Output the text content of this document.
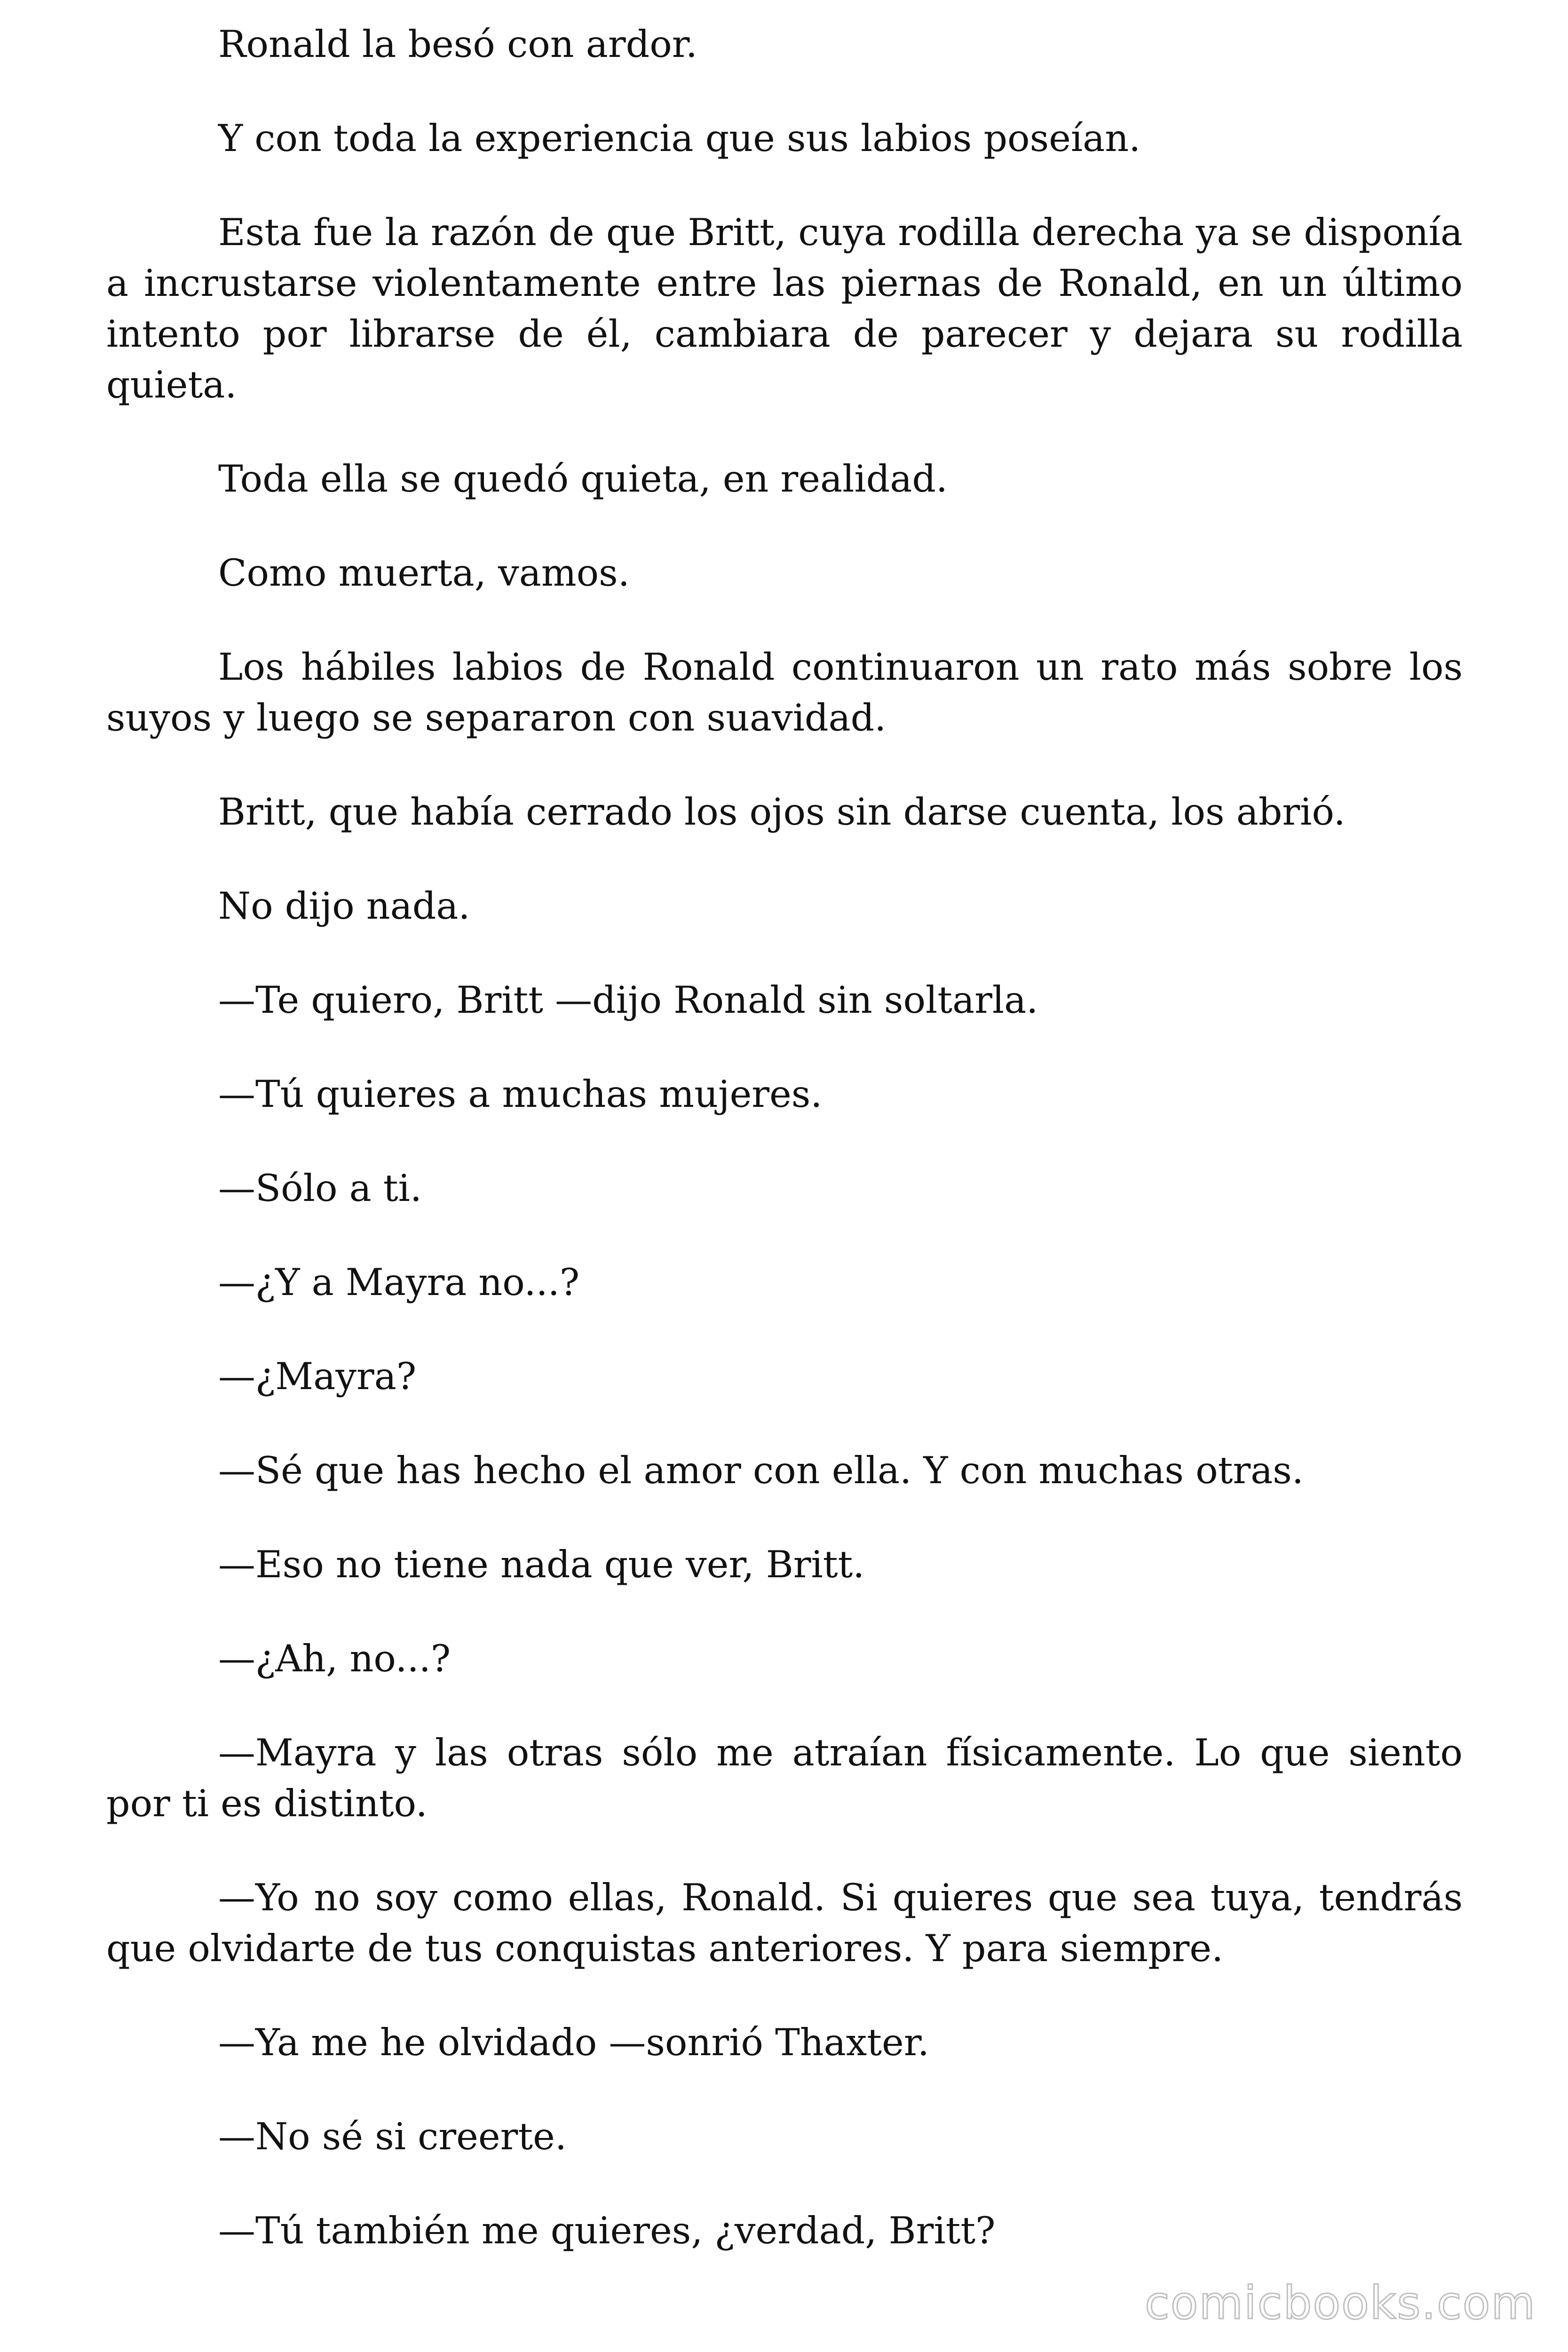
Ronald la besó con ardor.

Y con toda la experiencia que sus labios poseían.

Esta fue la razón de que Britt, cuya rodilla derecha ya se disponía a incrustarse violentamente entre las piernas de Ronald, en un último intento por librarse de él, cambiara de parecer y dejara su rodilla quieta.

Toda ella se quedó quieta, en realidad.

Como muerta, vamos.

Los hábiles labios de Ronald continuaron un rato más sobre los suyos y luego se separaron con suavidad.

Britt, que había cerrado los ojos sin darse cuenta, los abrió.

No dijo nada.

—Te quiero, Britt —dijo Ronald sin soltarla.

—Tú quieres a muchas mujeres.

—Sólo a ti.

—¿Y a Mayra no...?

—¿Mayra?

—Sé que has hecho el amor con ella. Y con muchas otras.

—Eso no tiene nada que ver, Britt.

—¿Ah, no...?

—Mayra y las otras sólo me atraían físicamente. Lo que siento por ti es distinto.

—Yo no soy como ellas, Ronald. Si quieres que sea tuya, tendrás que olvidarte de tus conquistas anteriores. Y para siempre.

—Ya me he olvidado —sonrió Thaxter.

—No sé si creerte.

—Tú también me quieres, ¿verdad, Britt?

comicbooks.com
